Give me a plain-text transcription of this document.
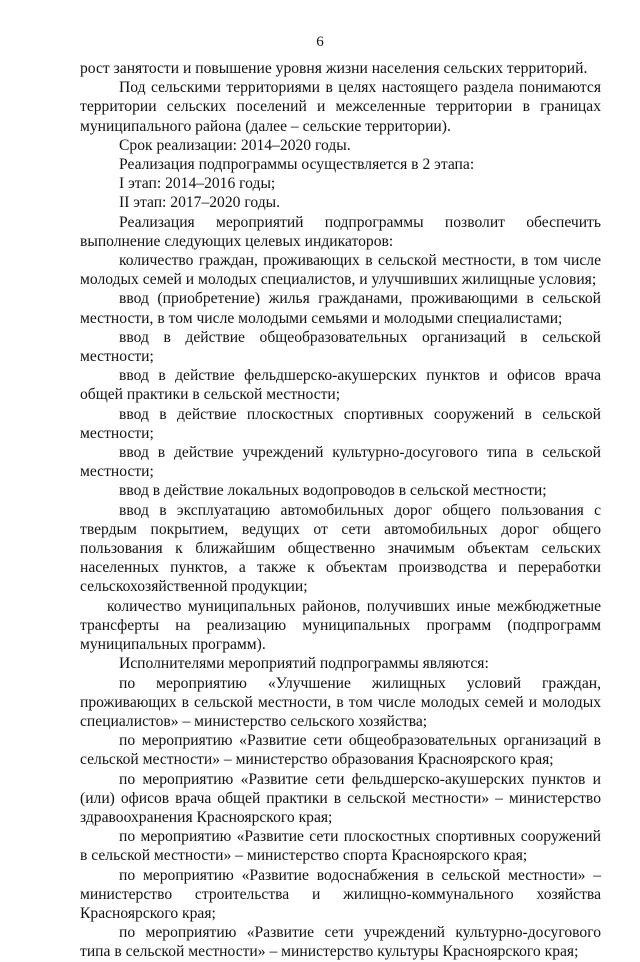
6

рост занятости и повышение уровня жизни населения сельских территорий.

Под сельскими территориями в целях настоящего раздела понимаются территории сельских поселений и межселенные территории в границах муниципального района (далее – сельские территории).

Срок реализации: 2014–2020 годы.

Реализация подпрограммы осуществляется в 2 этапа:

I этап: 2014–2016 годы;

II этап: 2017–2020 годы.

Реализация мероприятий подпрограммы позволит обеспечить выполнение следующих целевых индикаторов:

количество граждан, проживающих в сельской местности, в том числе молодых семей и молодых специалистов, и улучшивших жилищные условия;

ввод (приобретение) жилья гражданами, проживающими в сельской местности, в том числе молодыми семьями и молодыми специалистами;

ввод в действие общеобразовательных организаций в сельской местности;

ввод в действие фельдшерско-акушерских пунктов и офисов врача общей практики в сельской местности;

ввод в действие плоскостных спортивных сооружений в сельской местности;

ввод в действие учреждений культурно-досугового типа в сельской местности;

ввод в действие локальных водопроводов в сельской местности;

ввод в эксплуатацию автомобильных дорог общего пользования с твердым покрытием, ведущих от сети автомобильных дорог общего пользования к ближайшим общественно значимым объектам сельских населенных пунктов, а также к объектам производства и переработки сельскохозяйственной продукции;

количество муниципальных районов, получивших иные межбюджетные трансферты на реализацию муниципальных программ (подпрограмм муниципальных программ).

Исполнителями мероприятий подпрограммы являются:

по мероприятию «Улучшение жилищных условий граждан, проживающих в сельской местности, в том числе молодых семей и молодых специалистов» – министерство сельского хозяйства;

по мероприятию «Развитие сети общеобразовательных организаций в сельской местности» – министерство образования Красноярского края;

по мероприятию «Развитие сети фельдшерско-акушерских пунктов и (или) офисов врача общей практики в сельской местности» – министерство здравоохранения Красноярского края;

по мероприятию «Развитие сети плоскостных спортивных сооружений в сельской местности» – министерство спорта Красноярского края;

по мероприятию «Развитие водоснабжения в сельской местности» – министерство строительства и жилищно-коммунального хозяйства Красноярского края;

по мероприятию «Развитие сети учреждений культурно-досугового типа в сельской местности» – министерство культуры Красноярского края;
